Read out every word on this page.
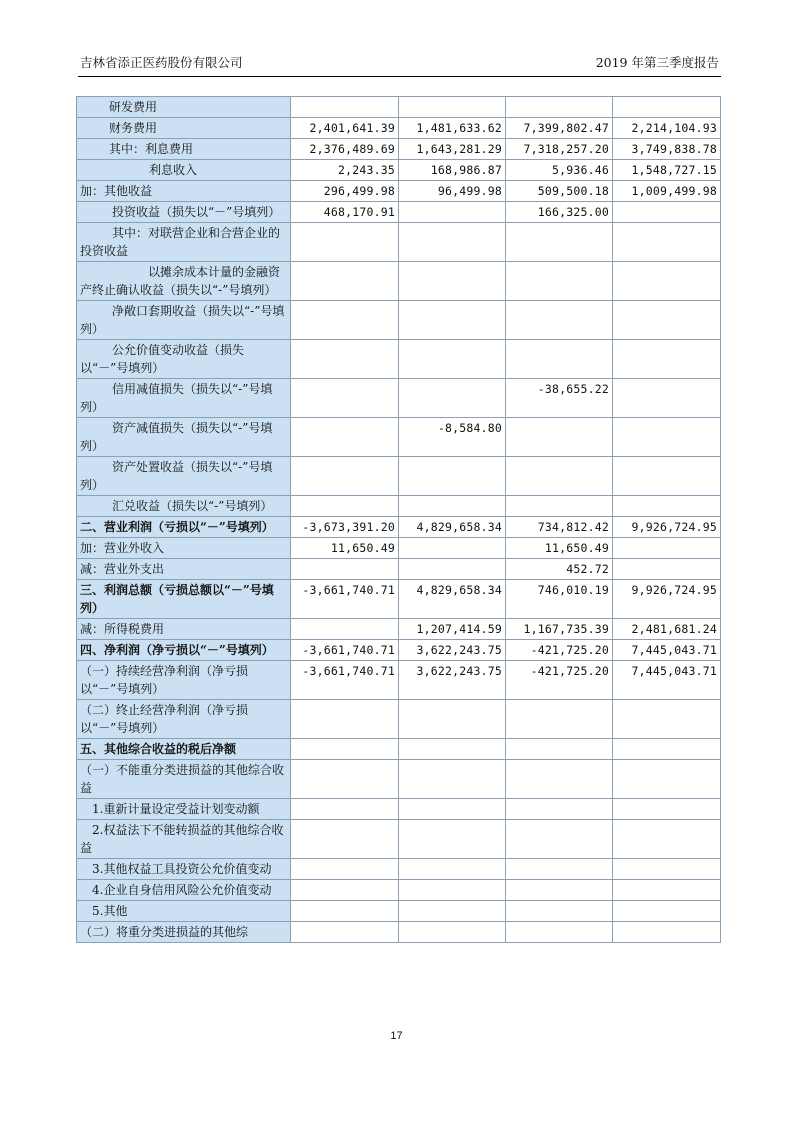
吉林省添正医药股份有限公司	2019 年第三季度报告
研发费用				
财务费用	2,401,641.39	1,481,633.62	7,399,802.47	2,214,104.93
其中：利息费用	2,376,489.69	1,643,281.29	7,318,257.20	3,749,838.78
利息收入	2,243.35	168,986.87	5,936.46	1,548,727.15
加：其他收益	296,499.98	96,499.98	509,500.18	1,009,499.98
投资收益（损失以“－”号填列）	468,170.91		166,325.00	
其中：对联营企业和合营企业的投资收益				
以摊余成本计量的金融资产终止确认收益（损失以“-”号填列）				
净敞口套期收益（损失以“-”号填列）				
公允价值变动收益（损失以“－”号填列）				
信用减值损失（损失以“-”号填列）			-38,655.22	
资产减值损失（损失以“-”号填列）		-8,584.80		
资产处置收益（损失以“-”号填列）				
汇兑收益（损失以“-”号填列）				
二、营业利润（亏损以“－”号填列）	-3,673,391.20	4,829,658.34	734,812.42	9,926,724.95
加：营业外收入	11,650.49		11,650.49	
减：营业外支出			452.72	
三、利润总额（亏损总额以“－”号填列）	-3,661,740.71	4,829,658.34	746,010.19	9,926,724.95
减：所得税费用		1,207,414.59	1,167,735.39	2,481,681.24
四、净利润（净亏损以“－”号填列）	-3,661,740.71	3,622,243.75	-421,725.20	7,445,043.71
（一）持续经营净利润（净亏损以“－”号填列）	-3,661,740.71	3,622,243.75	-421,725.20	7,445,043.71
（二）终止经营净利润（净亏损以“－”号填列）				
五、其他综合收益的税后净额				
（一）不能重分类进损益的其他综合收益				
1.重新计量设定受益计划变动额				
2.权益法下不能转损益的其他综合收益				
3.其他权益工具投资公允价值变动				
4.企业自身信用风险公允价值变动				
5.其他				
（二）将重分类进损益的其他综				
17
